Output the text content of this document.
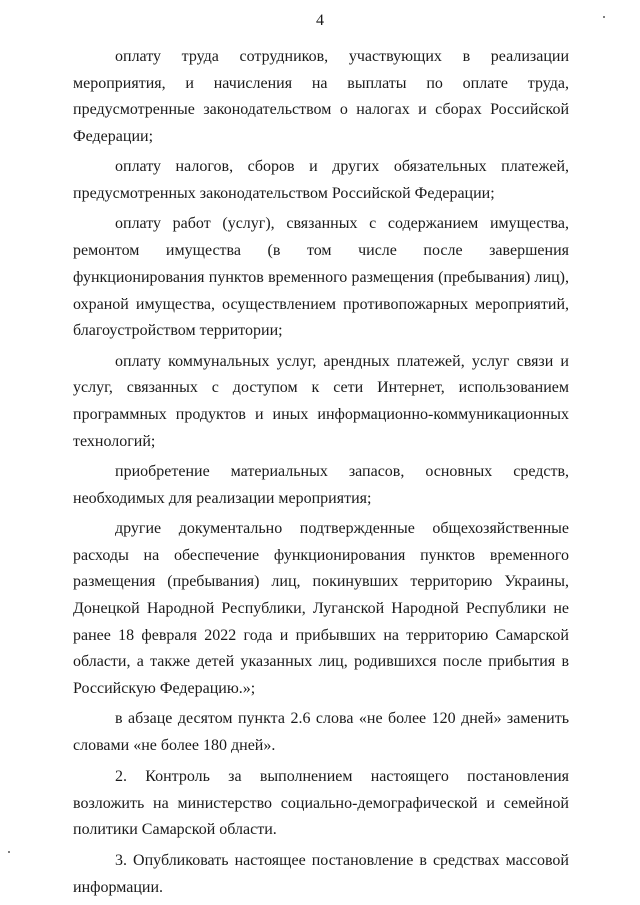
4

оплату труда сотрудников, участвующих в реализации мероприятия, и начисления на выплаты по оплате труда, предусмотренные законодательством о налогах и сборах Российской Федерации;

оплату налогов, сборов и других обязательных платежей, предусмотренных законодательством Российской Федерации;

оплату работ (услуг), связанных с содержанием имущества, ремонтом имущества (в том числе после завершения функционирования пунктов временного размещения (пребывания) лиц), охраной имущества, осуществлением противопожарных мероприятий, благоустройством территории;

оплату коммунальных услуг, арендных платежей, услуг связи и услуг, связанных с доступом к сети Интернет, использованием программных продуктов и иных информационно-коммуникационных технологий;

приобретение материальных запасов, основных средств, необходимых для реализации мероприятия;

другие документально подтвержденные общехозяйственные расходы на обеспечение функционирования пунктов временного размещения (пребывания) лиц, покинувших территорию Украины, Донецкой Народной Республики, Луганской Народной Республики не ранее 18 февраля 2022 года и прибывших на территорию Самарской области, а также детей указанных лиц, родившихся после прибытия в Российскую Федерацию.»;

в абзаце десятом пункта 2.6 слова «не более 120 дней» заменить словами «не более 180 дней».

2. Контроль за выполнением настоящего постановления возложить на министерство социально-демографической и семейной политики Самарской области.

3. Опубликовать настоящее постановление в средствах массовой информации.
